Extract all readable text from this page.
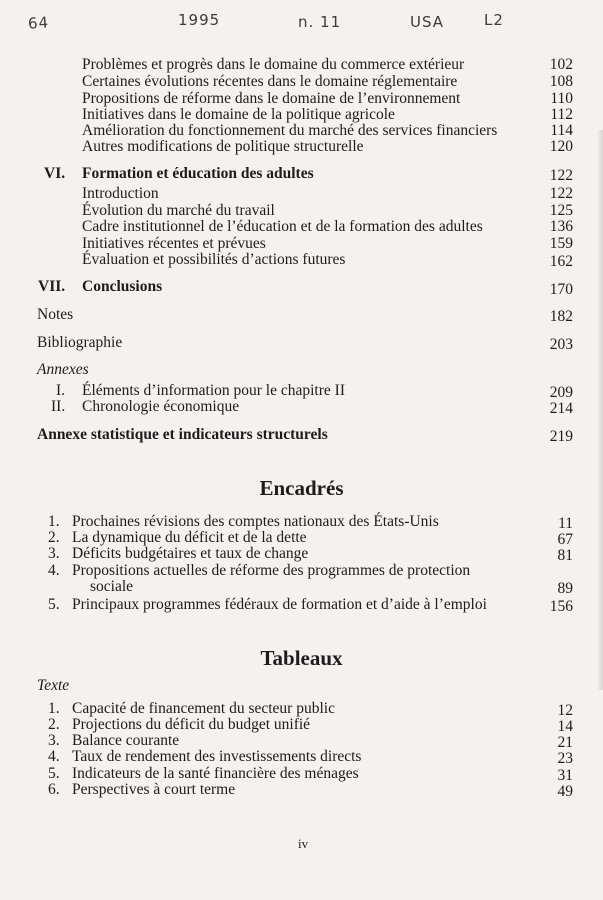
64	1995	n. 11	USA	L2
Problèmes et progrès dans le domaine du commerce extérieur	102
Certaines évolutions récentes dans le domaine réglementaire	108
Propositions de réforme dans le domaine de l’environnement	110
Initiatives dans le domaine de la politique agricole	112
Amélioration du fonctionnement du marché des services financiers	114
Autres modifications de politique structurelle	120
VI. Formation et éducation des adultes	122
Introduction	122
Évolution du marché du travail	125
Cadre institutionnel de l’éducation et de la formation des adultes	136
Initiatives récentes et prévues	159
Évaluation et possibilités d’actions futures	162
VII. Conclusions	170
Notes	182
Bibliographie	203
Annexes
I. Éléments d’information pour le chapitre II	209
II. Chronologie économique	214
Annexe statistique et indicateurs structurels	219
Encadrés
1. Prochaines révisions des comptes nationaux des États-Unis	11
2. La dynamique du déficit et de la dette	67
3. Déficits budgétaires et taux de change	81
4. Propositions actuelles de réforme des programmes de protection
sociale	89
5. Principaux programmes fédéraux de formation et d’aide à l’emploi	156
Tableaux
Texte
1. Capacité de financement du secteur public	12
2. Projections du déficit du budget unifié	14
3. Balance courante	21
4. Taux de rendement des investissements directs	23
5. Indicateurs de la santé financière des ménages	31
6. Perspectives à court terme	49
iv
